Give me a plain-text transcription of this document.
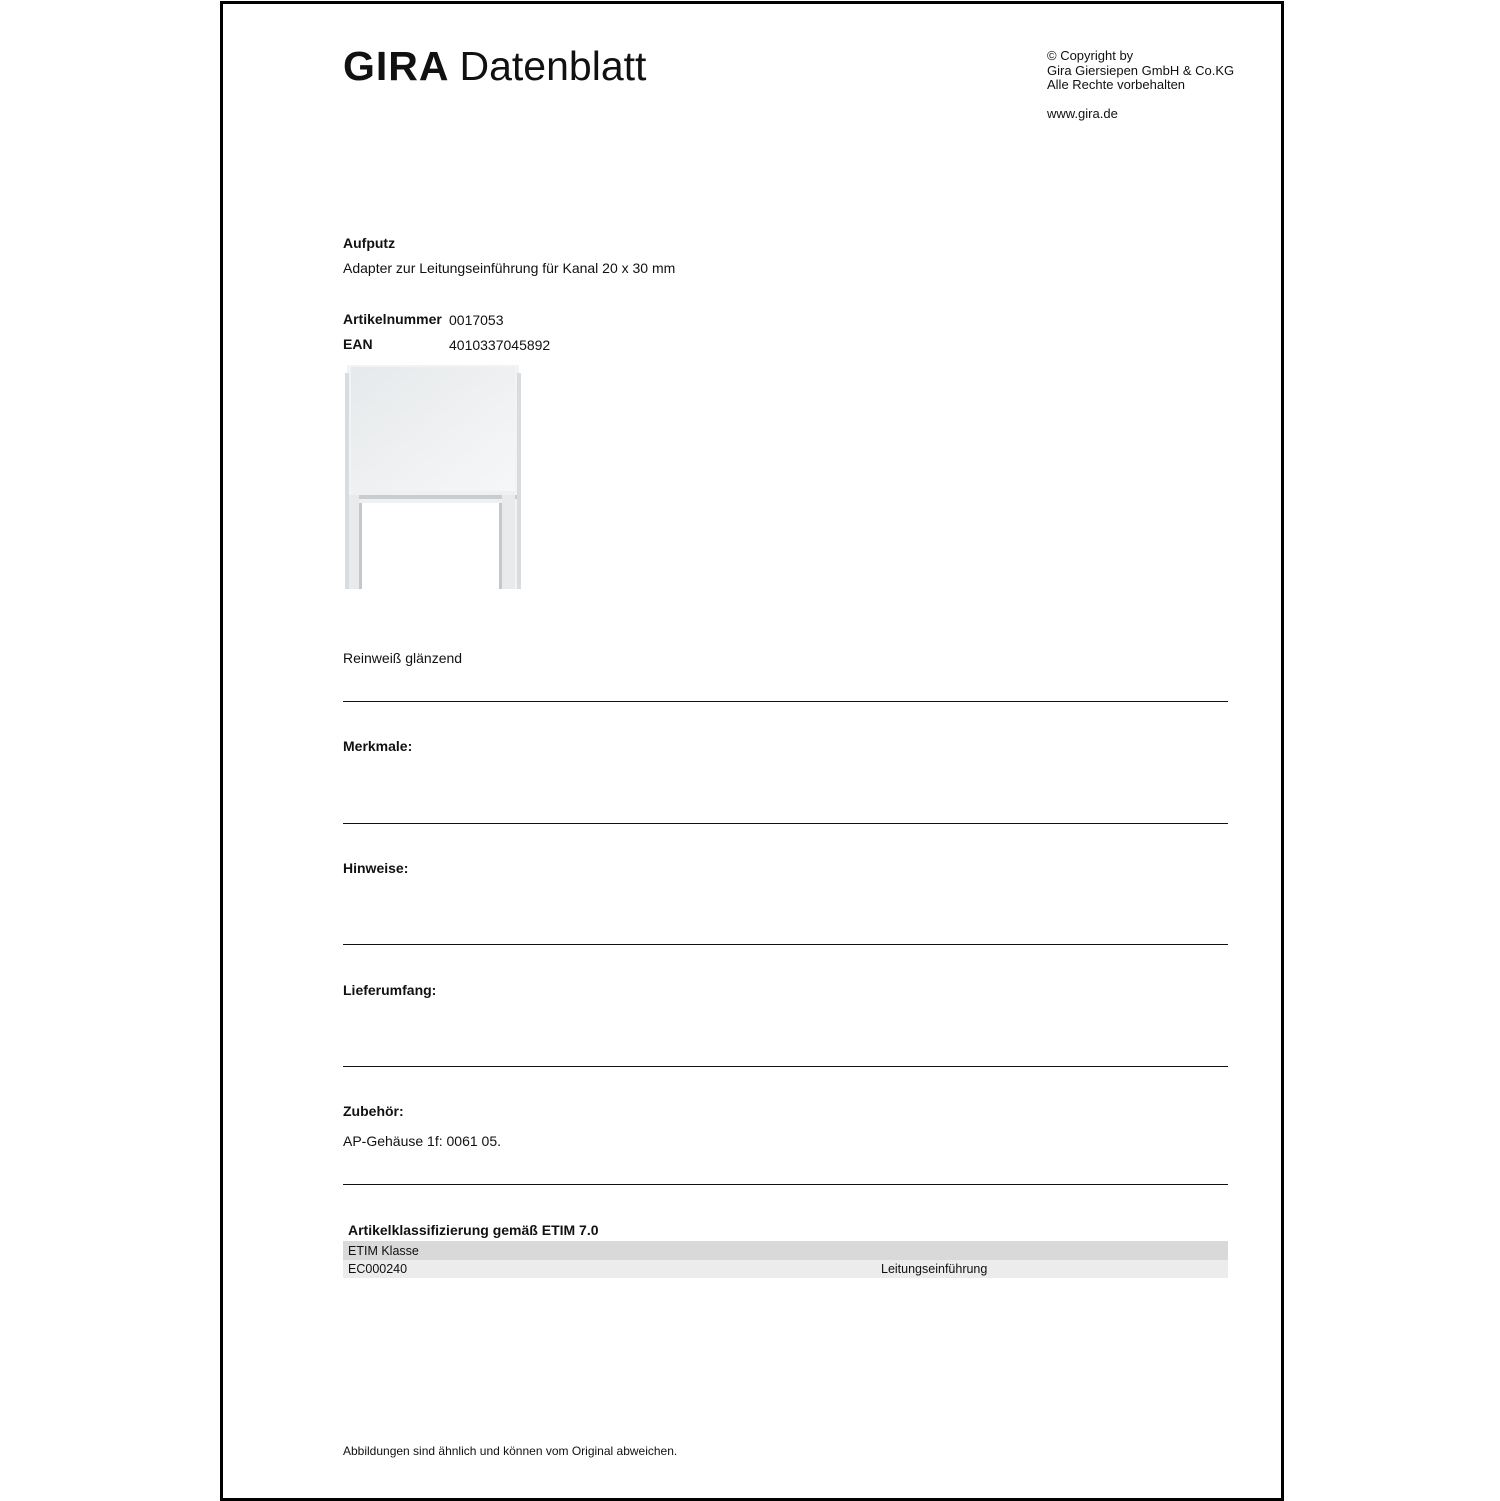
GIRA Datenblatt	© Copyright by
Gira Giersiepen GmbH & Co.KG
Alle Rechte vorbehalten
www.gira.de
Aufputz
Adapter zur Leitungseinführung für Kanal 20 x 30 mm
Artikelnummer 0017053
EAN	4010337045892
Reinweiß glänzend
Merkmale:
Hinweise:
Lieferumfang:
Zubehör:
AP-Gehäuse 1f: 0061 05.
Artikelklassifizierung gemäß ETIM 7.0
ETIM Klasse
EC000240	Leitungseinführung
Abbildungen sind ähnlich und können vom Original abweichen.
